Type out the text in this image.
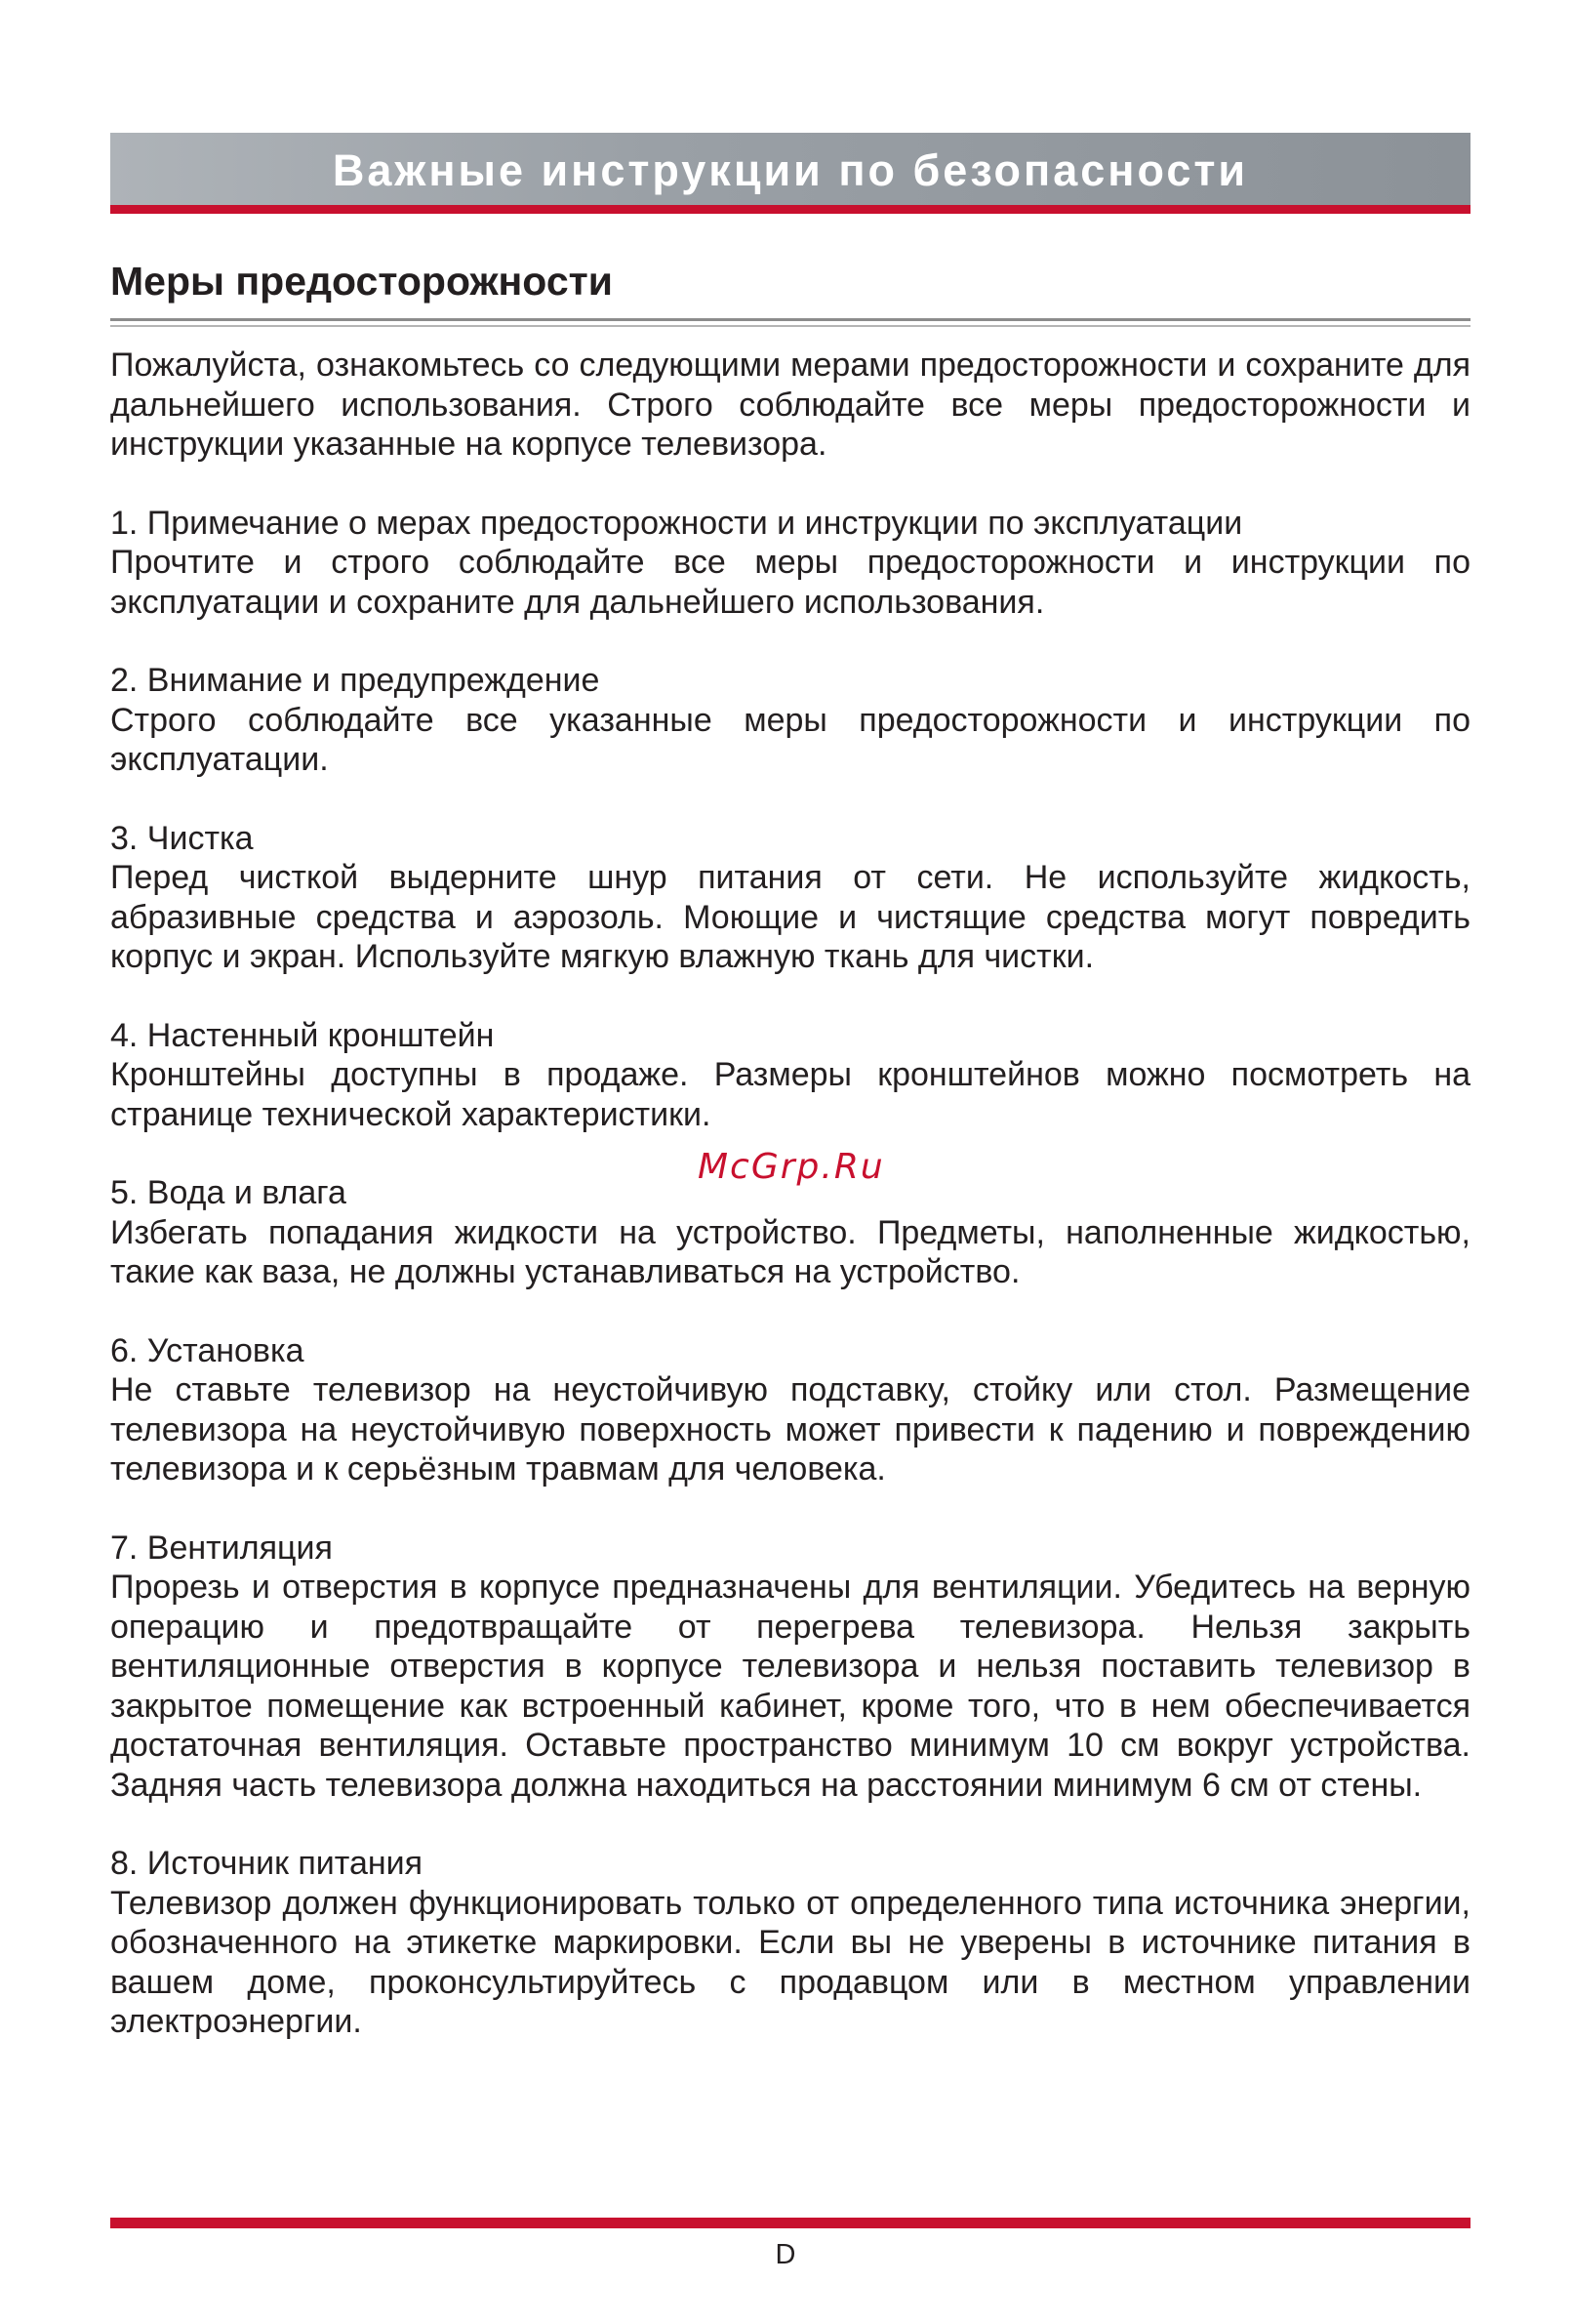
Важные инструкции по безопасности
Меры предосторожности

Пожалуйста, ознакомьтесь со следующими мерами предосторожности и сохраните для дальнейшего использования. Строго соблюдайте все меры предосторожности и инструкции указанные на корпусе телевизора.

1. Примечание о мерах предосторожности и инструкции по эксплуатации

Прочтите и строго соблюдайте все меры предосторожности и инструкции по эксплуатации и сохраните для дальнейшего использования.

2. Внимание и предупреждение

Строго соблюдайте все указанные меры предосторожности и инструкции по эксплуатации.

3. Чистка

Перед чисткой выдерните шнур питания от сети. Не используйте жидкость, абразивные средства и аэрозоль. Моющие и чистящие средства могут повредить корпус и экран. Используйте мягкую влажную ткань для чистки.

4. Настенный кронштейн

Кронштейны доступны в продаже. Размеры кронштейнов можно посмотреть на странице технической характеристики.

5. Вода и влага

Избегать попадания жидкости на устройство. Предметы, наполненные жидкостью, такие как ваза, не должны устанавливаться на устройство.

6. Установка

Не ставьте телевизор на неустойчивую подставку, стойку или стол. Размещение телевизора на неустойчивую поверхность может привести к падению и повреждению телевизора и к серьёзным травмам для человека.

7. Вентиляция

Прорезь и отверстия в корпусе предназначены для вентиляции. Убедитесь на верную операцию и предотвращайте от перегрева телевизора. Нельзя закрыть вентиляционные отверстия в корпусе телевизора и нельзя поставить телевизор в закрытое помещение как встроенный кабинет, кроме того, что в нем обеспечивается достаточная вентиляция. Оставьте пространство минимум 10 см вокруг устройства. Задняя часть телевизора должна находиться на расстоянии минимум 6 см от стены.

8. Источник питания

Телевизор должен функционировать только от определенного типа источника энергии, обозначенного на этикетке маркировки. Если вы не уверены в источнике питания в вашем доме, проконсультируйтесь с продавцом или в местном управлении электроэнергии.

McGrp.Ru
D
